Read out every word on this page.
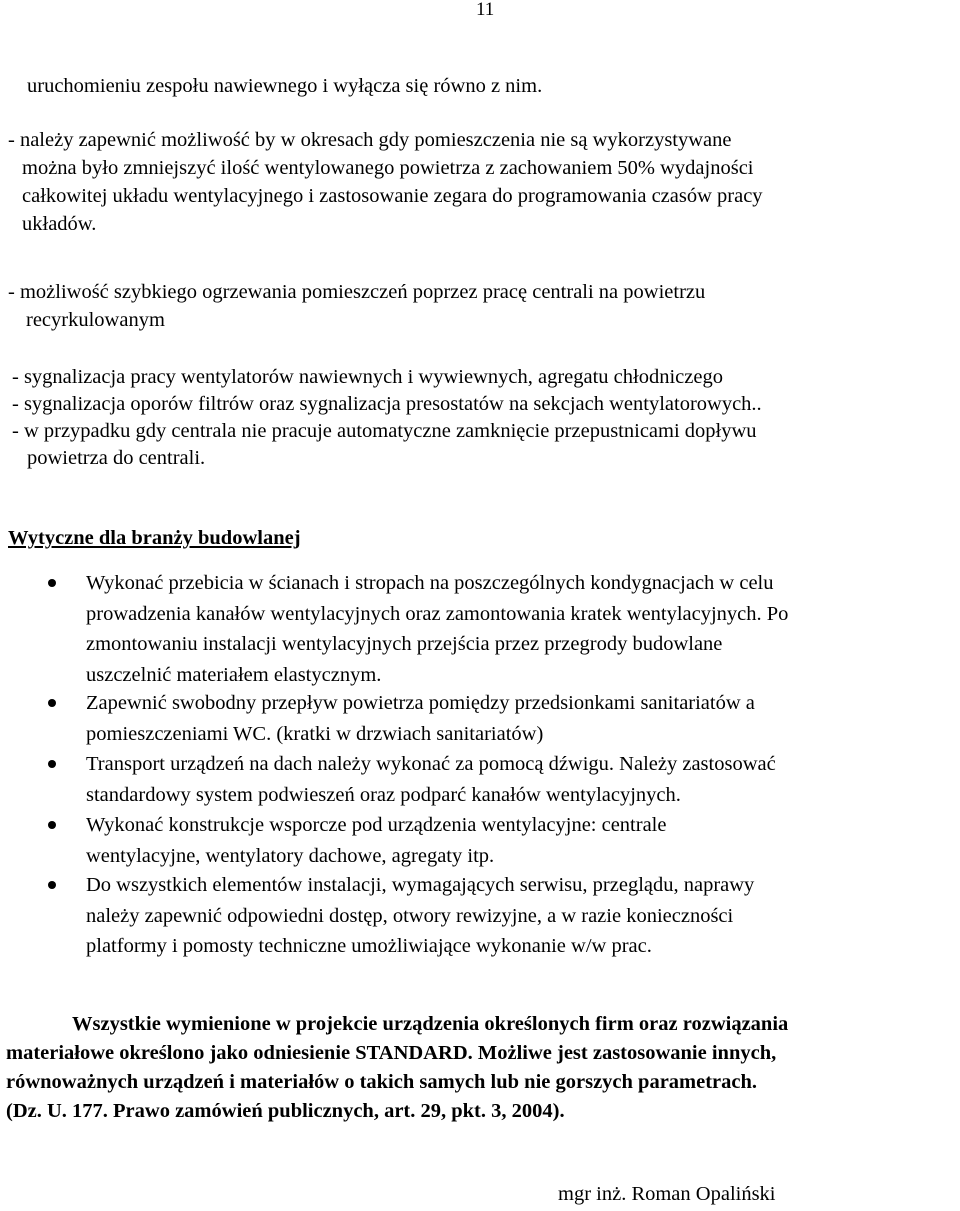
11
uruchomieniu zespołu nawiewnego i wyłącza się równo z nim.
- należy zapewnić możliwość by w okresach gdy pomieszczenia nie są wykorzystywane
można było zmniejszyć ilość wentylowanego powietrza z zachowaniem 50% wydajności
całkowitej układu wentylacyjnego i zastosowanie zegara do programowania czasów pracy
układów.
- możliwość szybkiego ogrzewania pomieszczeń poprzez pracę centrali na powietrzu
recyrkulowanym
- sygnalizacja pracy wentylatorów nawiewnych i wywiewnych, agregatu chłodniczego
- sygnalizacja oporów filtrów oraz sygnalizacja presostatów na sekcjach wentylatorowych..
- w przypadku gdy centrala nie pracuje automatyczne zamknięcie przepustnicami dopływu
powietrza do centrali.
Wytyczne dla branży budowlanej
Wykonać przebicia w ścianach i stropach na poszczególnych kondygnacjach w celu
prowadzenia kanałów wentylacyjnych oraz zamontowania kratek wentylacyjnych. Po
zmontowaniu instalacji wentylacyjnych przejścia przez przegrody budowlane
uszczelnić materiałem elastycznym.
Zapewnić swobodny przepływ powietrza pomiędzy przedsionkami sanitariatów a
pomieszczeniami WC. (kratki w drzwiach sanitariatów)
Transport urządzeń na dach należy wykonać za pomocą dźwigu. Należy zastosować
standardowy system podwieszeń oraz podparć kanałów wentylacyjnych.
Wykonać konstrukcje wsporcze pod urządzenia wentylacyjne: centrale
wentylacyjne, wentylatory dachowe, agregaty itp.
Do wszystkich elementów instalacji, wymagających serwisu, przeglądu, naprawy
należy zapewnić odpowiedni dostęp, otwory rewizyjne, a w razie konieczności
platformy i pomosty techniczne umożliwiające wykonanie w/w prac.
Wszystkie wymienione w projekcie urządzenia określonych firm oraz rozwiązania
materiałowe określono jako odniesienie STANDARD. Możliwe jest zastosowanie innych,
równoważnych urządzeń i materiałów o takich samych lub nie gorszych parametrach.
(Dz. U. 177. Prawo zamówień publicznych, art. 29, pkt. 3, 2004).
mgr inż. Roman Opaliński
